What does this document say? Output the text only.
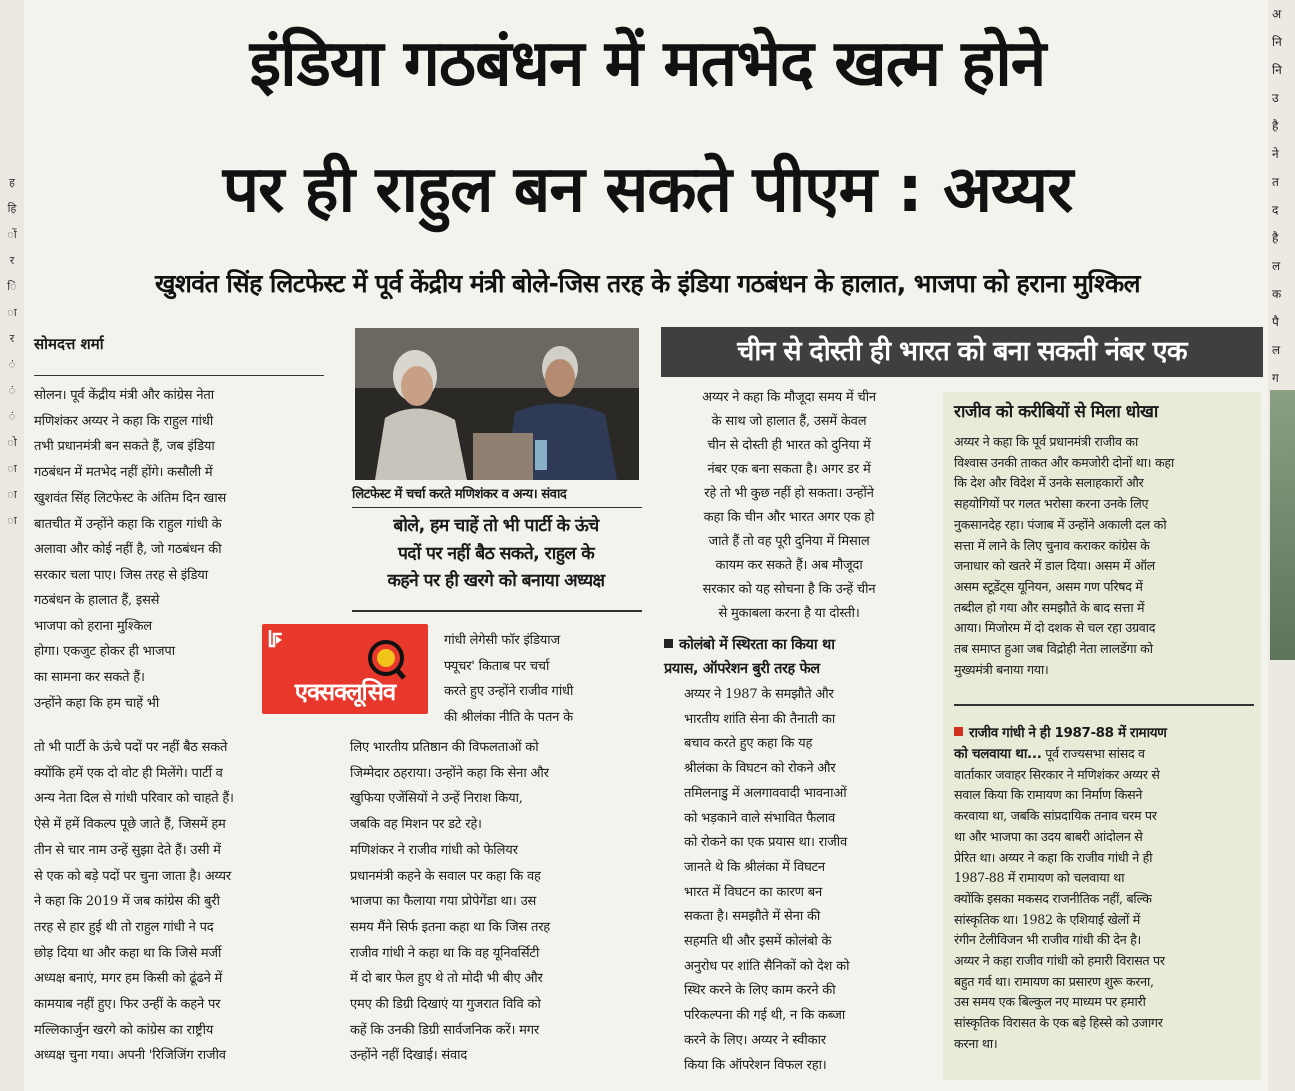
ह
हि
ों
र
ि
ा
र
ं
ं
ं
ो
ा
ा
ा
अ
नि
नि
उ
है
ने
त
द
है
ल
क
पै
ल
ग
इंडिया गठबंधन में मतभेद खत्म होने
पर ही राहुल बन सकते पीएम : अय्यर
खुशवंत सिंह लिटफेस्ट में पूर्व केंद्रीय मंत्री बोले-जिस तरह के इंडिया गठबंधन के हालात, भाजपा को हराना मुश्किल
सोमदत्त शर्मा
सोलन। पूर्व केंद्रीय मंत्री और कांग्रेस नेता
मणिशंकर अय्यर ने कहा कि राहुल गांधी
तभी प्रधानमंत्री बन सकते हैं, जब इंडिया
गठबंधन में मतभेद नहीं होंगे। कसौली में
खुशवंत सिंह लिटफेस्ट के अंतिम दिन खास
बातचीत में उन्होंने कहा कि राहुल गांधी के
अलावा और कोई नहीं है, जो गठबंधन की
सरकार चला पाए। जिस तरह से इंडिया
गठबंधन के हालात हैं, इससे
भाजपा को हराना मुश्किल
होगा। एकजुट होकर ही भाजपा
का सामना कर सकते हैं।
उन्होंने कहा कि हम चाहें भी
तो भी पार्टी के ऊंचे पदों पर नहीं बैठ सकते
क्योंकि हमें एक दो वोट ही मिलेंगे। पार्टी व
अन्य नेता दिल से गांधी परिवार को चाहते हैं।
ऐसे में हमें विकल्प पूछे जाते हैं, जिसमें हम
तीन से चार नाम उन्हें सुझा देते हैं। उसी में
से एक को बड़े पदों पर चुना जाता है। अय्यर
ने कहा कि 2019 में जब कांग्रेस की बुरी
तरह से हार हुई थी तो राहुल गांधी ने पद
छोड़ दिया था और कहा था कि जिसे मर्जी
अध्यक्ष बनाएं, मगर हम किसी को ढूंढने में
कामयाब नहीं हुए। फिर उन्हीं के कहने पर
मल्लिकार्जुन खरगे को कांग्रेस का राष्ट्रीय
अध्यक्ष चुना गया। अपनी 'रिजिजिंग राजीव
लिटफेस्ट में चर्चा करते मणिशंकर व अन्य। संवाद
बोले, हम चाहें तो भी पार्टी के ऊंचे
पदों पर नहीं बैठ सकते, राहुल के
कहने पर ही खरगे को बनाया अध्यक्ष
एक्सक्लूसिव
गांधी लेगेसी फॉर इंडियाज
फ्यूचर' किताब पर चर्चा
करते हुए उन्होंने राजीव गांधी
की श्रीलंका नीति के पतन के
लिए भारतीय प्रतिष्ठान की विफलताओं को
जिम्मेदार ठहराया। उन्होंने कहा कि सेना और
खुफिया एजेंसियों ने उन्हें निराश किया,
जबकि वह मिशन पर डटे रहे।
मणिशंकर ने राजीव गांधी को फेलियर
प्रधानमंत्री कहने के सवाल पर कहा कि वह
भाजपा का फैलाया गया प्रोपेगेंडा था। उस
समय मैंने सिर्फ इतना कहा था कि जिस तरह
राजीव गांधी ने कहा था कि वह यूनिवर्सिटी
में दो बार फेल हुए थे तो मोदी भी बीए और
एमए की डिग्री दिखाएं या गुजरात विवि को
कहें कि उनकी डिग्री सार्वजनिक करें। मगर
उन्होंने नहीं दिखाई। संवाद
चीन से दोस्ती ही भारत को बना सकती नंबर एक
अय्यर ने कहा कि मौजूदा समय में चीन
के साथ जो हालात हैं, उसमें केवल
चीन से दोस्ती ही भारत को दुनिया में
नंबर एक बना सकता है। अगर डर में
रहे तो भी कुछ नहीं हो सकता। उन्होंने
कहा कि चीन और भारत अगर एक हो
जाते हैं तो वह पूरी दुनिया में मिसाल
कायम कर सकते हैं। अब मौजूदा
सरकार को यह सोचना है कि उन्हें चीन
से मुकाबला करना है या दोस्ती।
कोलंबो में स्थिरता का किया था
प्रयास, ऑपरेशन बुरी तरह फेल
अय्यर ने 1987 के समझौते और
भारतीय शांति सेना की तैनाती का
बचाव करते हुए कहा कि यह
श्रीलंका के विघटन को रोकने और
तमिलनाडु में अलगाववादी भावनाओं
को भड़काने वाले संभावित फैलाव
को रोकने का एक प्रयास था। राजीव
जानते थे कि श्रीलंका में विघटन
भारत में विघटन का कारण बन
सकता है। समझौते में सेना की
सहमति थी और इसमें कोलंबो के
अनुरोध पर शांति सैनिकों को देश को
स्थिर करने के लिए काम करने की
परिकल्पना की गई थी, न कि कब्जा
करने के लिए। अय्यर ने स्वीकार
किया कि ऑपरेशन विफल रहा।
राजीव को करीबियों से मिला धोखा
अय्यर ने कहा कि पूर्व प्रधानमंत्री राजीव का
विश्वास उनकी ताकत और कमजोरी दोनों था। कहा
कि देश और विदेश में उनके सलाहकारों और
सहयोगियों पर गलत भरोसा करना उनके लिए
नुकसानदेह रहा। पंजाब में उन्होंने अकाली दल को
सत्ता में लाने के लिए चुनाव कराकर कांग्रेस के
जनाधार को खतरे में डाल दिया। असम में ऑल
असम स्टूडेंट्स यूनियन, असम गण परिषद में
तब्दील हो गया और समझौते के बाद सत्ता में
आया। मिजोरम में दो दशक से चल रहा उग्रवाद
तब समाप्त हुआ जब विद्रोही नेता लालडेंगा को
मुख्यमंत्री बनाया गया।
राजीव गांधी ने ही 1987-88 में रामायण
को चलवाया था... पूर्व राज्यसभा सांसद व
वार्ताकार जवाहर सिरकार ने मणिशंकर अय्यर से
सवाल किया कि रामायण का निर्माण किसने
करवाया था, जबकि सांप्रदायिक तनाव चरम पर
था और भाजपा का उदय बाबरी आंदोलन से
प्रेरित था। अय्यर ने कहा कि राजीव गांधी ने ही
1987-88 में रामायण को चलवाया था
क्योंकि इसका मकसद राजनीतिक नहीं, बल्कि
सांस्कृतिक था। 1982 के एशियाई खेलों में
रंगीन टेलीविजन भी राजीव गांधी की देन है।
अय्यर ने कहा राजीव गांधी को हमारी विरासत पर
बहुत गर्व था। रामायण का प्रसारण शुरू करना,
उस समय एक बिल्कुल नए माध्यम पर हमारी
सांस्कृतिक विरासत के एक बड़े हिस्से को उजागर
करना था।
